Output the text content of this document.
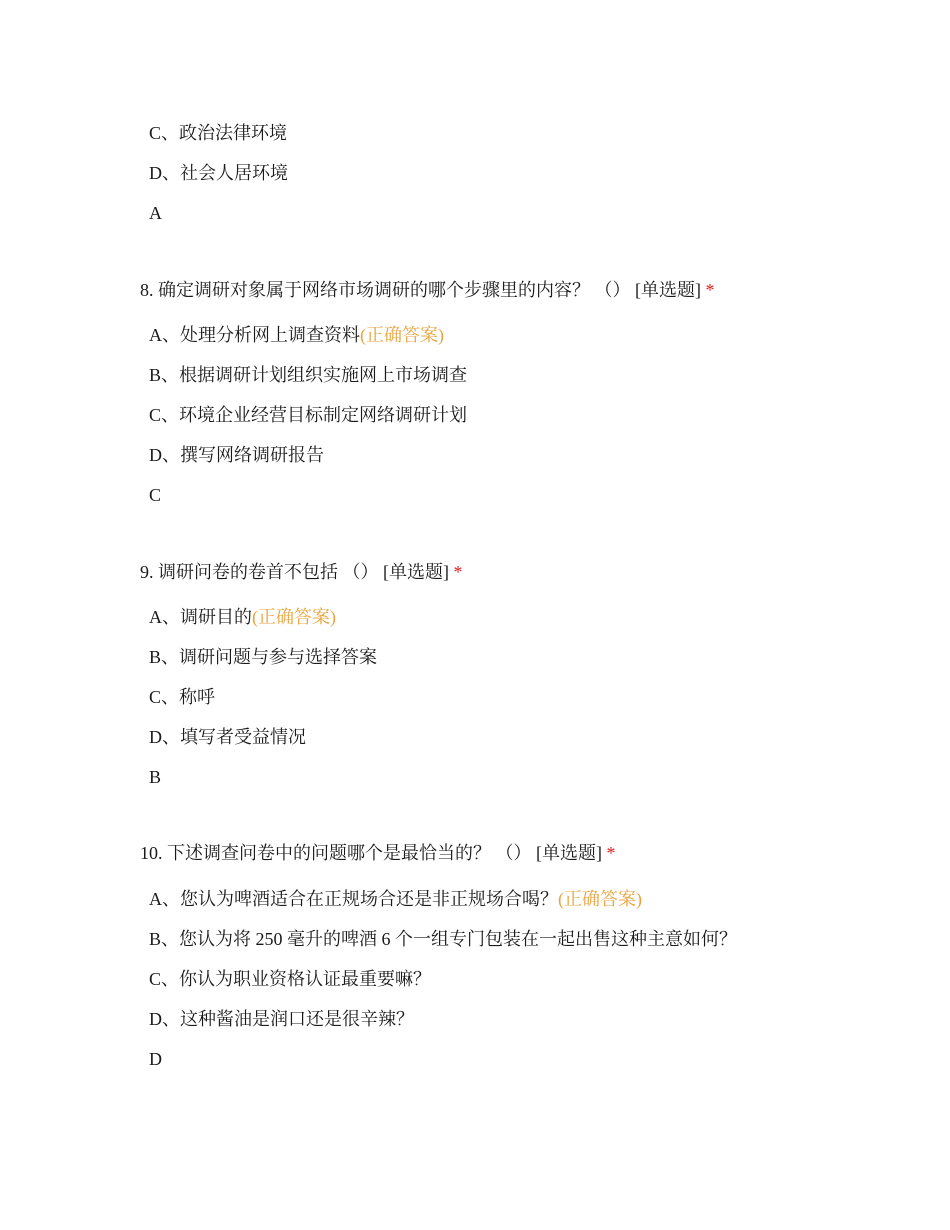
C、政治法律环境
D、社会人居环境
A
8. 确定调研对象属于网络市场调研的哪个步骤里的内容？ （） [单选题] *
A、处理分析网上调查资料(正确答案)
B、根据调研计划组织实施网上市场调查
C、环境企业经营目标制定网络调研计划
D、撰写网络调研报告
C
9. 调研问卷的卷首不包括 （） [单选题] *
A、调研目的(正确答案)
B、调研问题与参与选择答案
C、称呼
D、填写者受益情况
B
10. 下述调查问卷中的问题哪个是最恰当的？ （） [单选题] *
A、您认为啤酒适合在正规场合还是非正规场合喝？(正确答案)
B、您认为将 250 毫升的啤酒 6 个一组专门包装在一起出售这种主意如何？
C、你认为职业资格认证最重要嘛？
D、这种酱油是润口还是很辛辣？
D
